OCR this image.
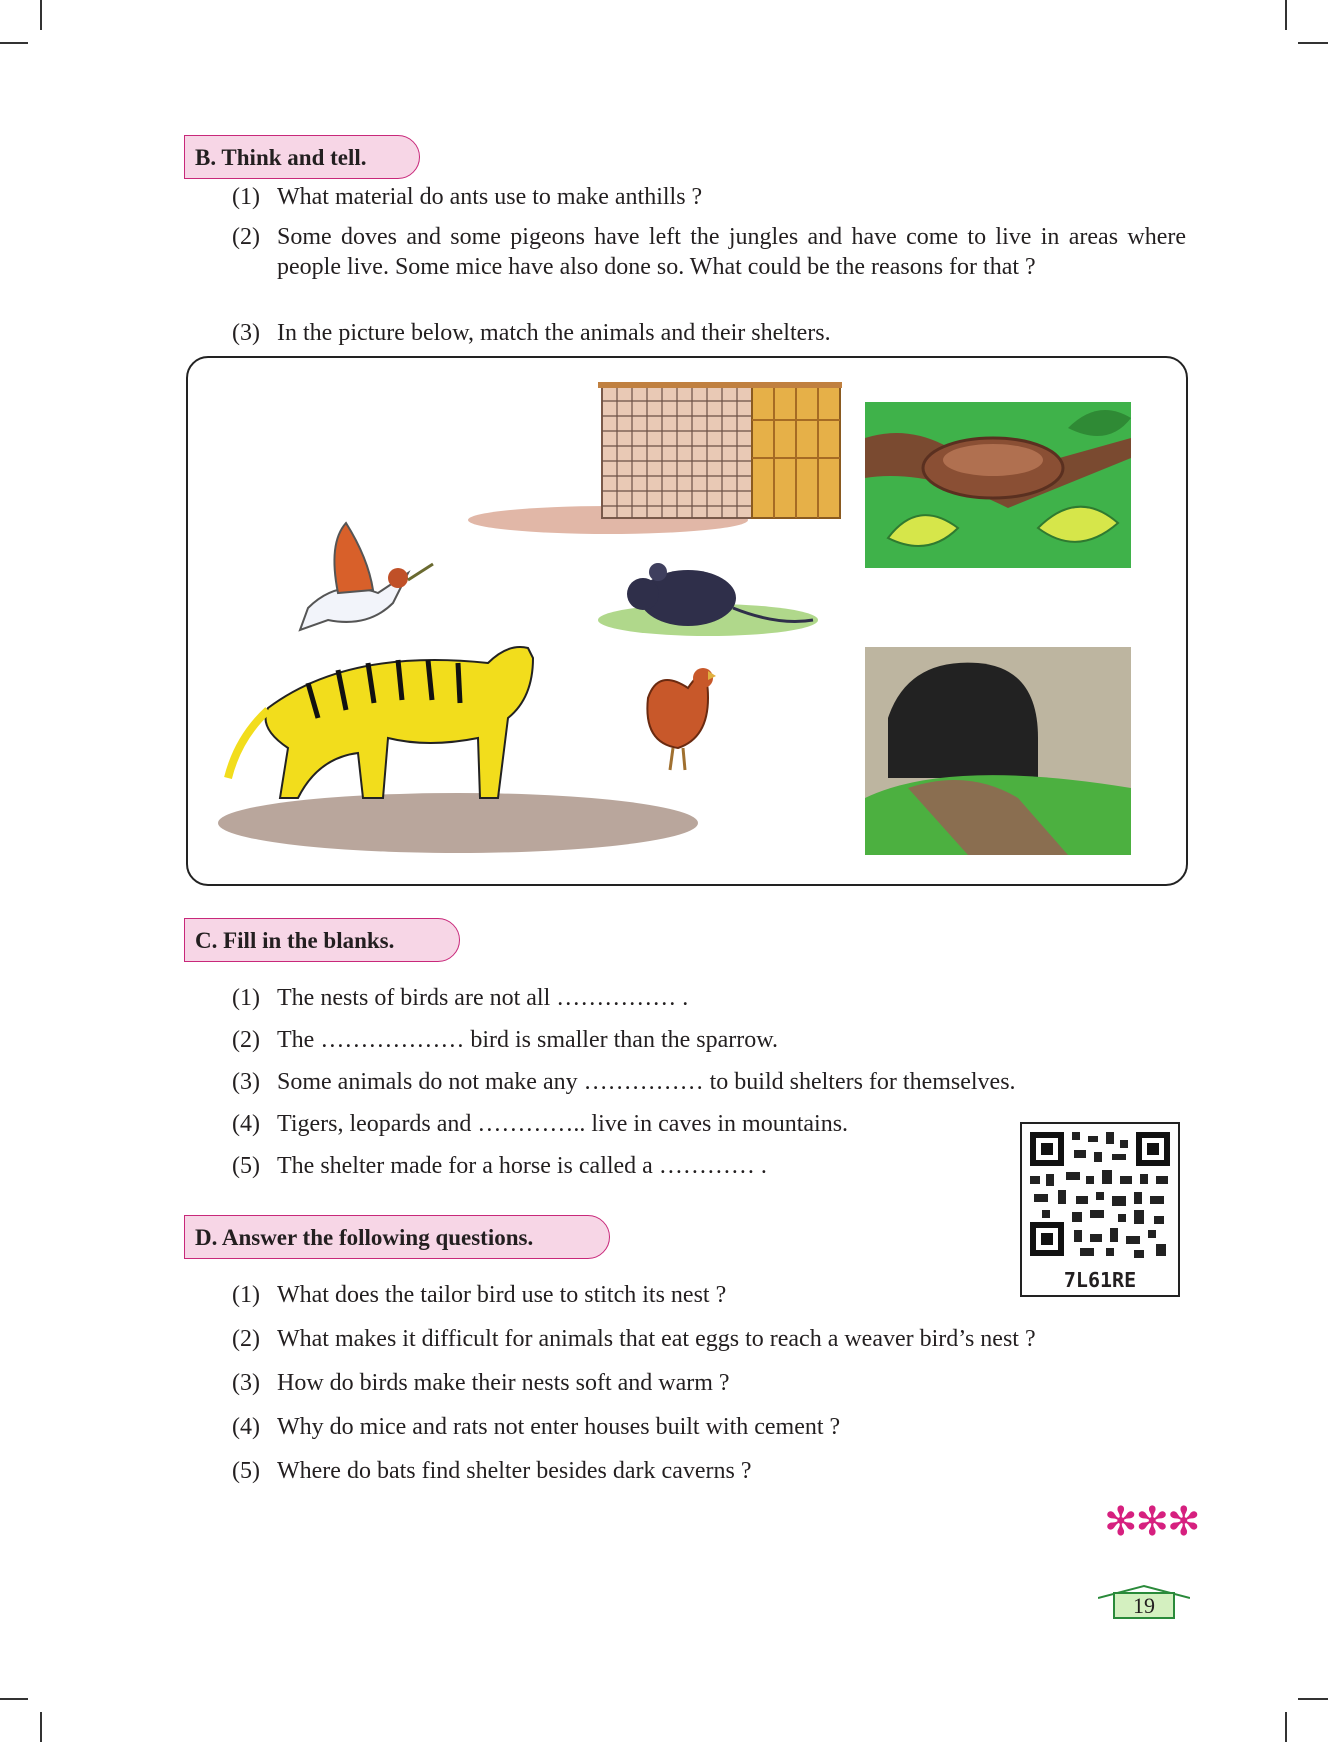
B. Think and tell.
(1) What material do ants use to make anthills ?
(2) Some doves and some pigeons have left the jungles and have come to live in areas where people live. Some mice have also done so. What could be the reasons for that ?
(3) In the picture below, match the animals and their shelters.
C. Fill in the blanks.
(1) The nests of birds are not all …………… .
(2) The ……………… bird is smaller than the sparrow.
(3) Some animals do not make any …………… to build shelters for themselves.
(4) Tigers, leopards and ………….. live in caves in mountains.
(5) The shelter made for a horse is called a ………… .
7L61RE
D. Answer the following questions.
(1) What does the tailor bird use to stitch its nest ?
(2) What makes it difficult for animals that eat eggs to reach a weaver bird’s nest ?
(3) How do birds make their nests soft and warm ?
(4) Why do mice and rats not enter houses built with cement ?
(5) Where do bats find shelter besides dark caverns ?
✻✻✻
19
